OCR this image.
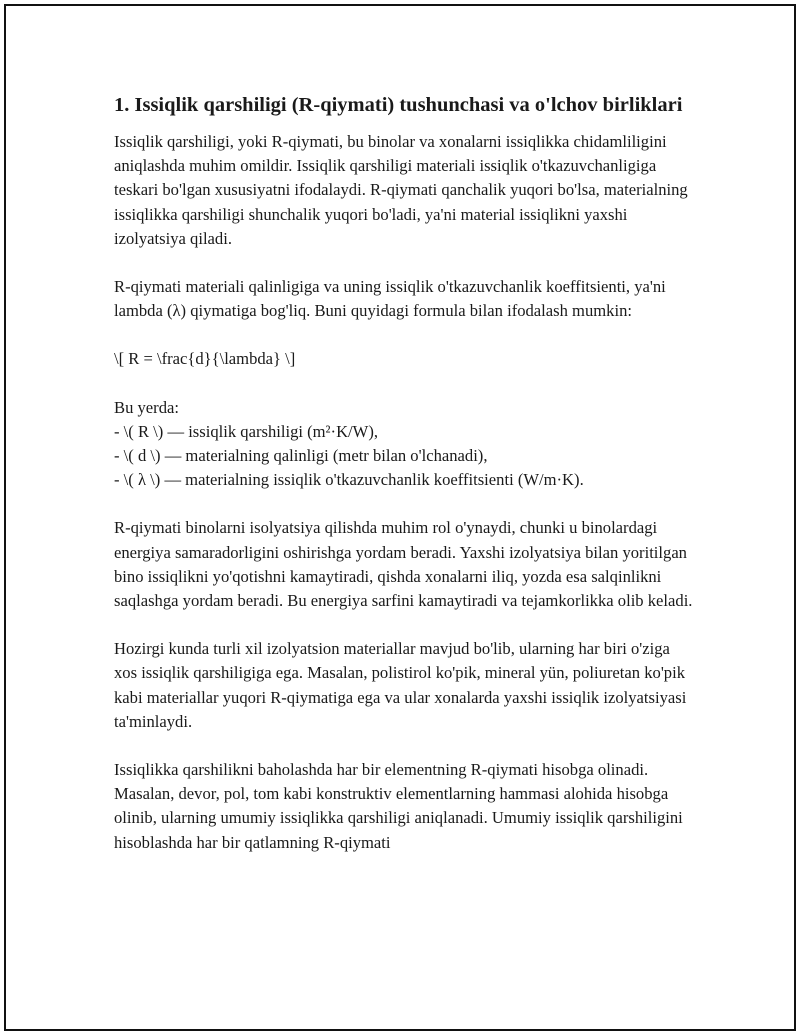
1. Issiqlik qarshiligi (R-qiymati) tushunchasi va o'lchov birliklari

Issiqlik qarshiligi, yoki R-qiymati, bu binolar va xonalarni issiqlikka chidamliligini aniqlashda muhim omildir. Issiqlik qarshiligi materiali issiqlik o'tkazuvchanligiga teskari bo'lgan xususiyatni ifodalaydi. R-qiymati qanchalik yuqori bo'lsa, materialning issiqlikka qarshiligi shunchalik yuqori bo'ladi, ya'ni material issiqlikni yaxshi izolyatsiya qiladi.

R-qiymati materiali qalinligiga va uning issiqlik o'tkazuvchanlik koeffitsienti, ya'ni lambda (λ) qiymatiga bog'liq. Buni quyidagi formula bilan ifodalash mumkin:

\[ R = \frac{d}{\lambda} \]

Bu yerda:
- \( R \) — issiqlik qarshiligi (m²·K/W),
- \( d \) — materialning qalinligi (metr bilan o'lchanadi),
- \( λ \) — materialning issiqlik o'tkazuvchanlik koeffitsienti (W/m·K).

R-qiymati binolarni isolyatsiya qilishda muhim rol o'ynaydi, chunki u binolardagi energiya samaradorligini oshirishga yordam beradi. Yaxshi izolyatsiya bilan yoritilgan bino issiqlikni yo'qotishni kamaytiradi, qishda xonalarni iliq, yozda esa salqinlikni saqlashga yordam beradi. Bu energiya sarfini kamaytiradi va tejamkorlikka olib keladi.

Hozirgi kunda turli xil izolyatsion materiallar mavjud bo'lib, ularning har biri o'ziga xos issiqlik qarshiligiga ega. Masalan, polistirol ko'pik, mineral yün, poliuretan ko'pik kabi materiallar yuqori R-qiymatiga ega va ular xonalarda yaxshi issiqlik izolyatsiyasi ta'minlaydi.

Issiqlikka qarshilikni baholashda har bir elementning R-qiymati hisobga olinadi. Masalan, devor, pol, tom kabi konstruktiv elementlarning hammasi alohida hisobga olinib, ularning umumiy issiqlikka qarshiligi aniqlanadi. Umumiy issiqlik qarshiligini hisoblashda har bir qatlamning R-qiymati
